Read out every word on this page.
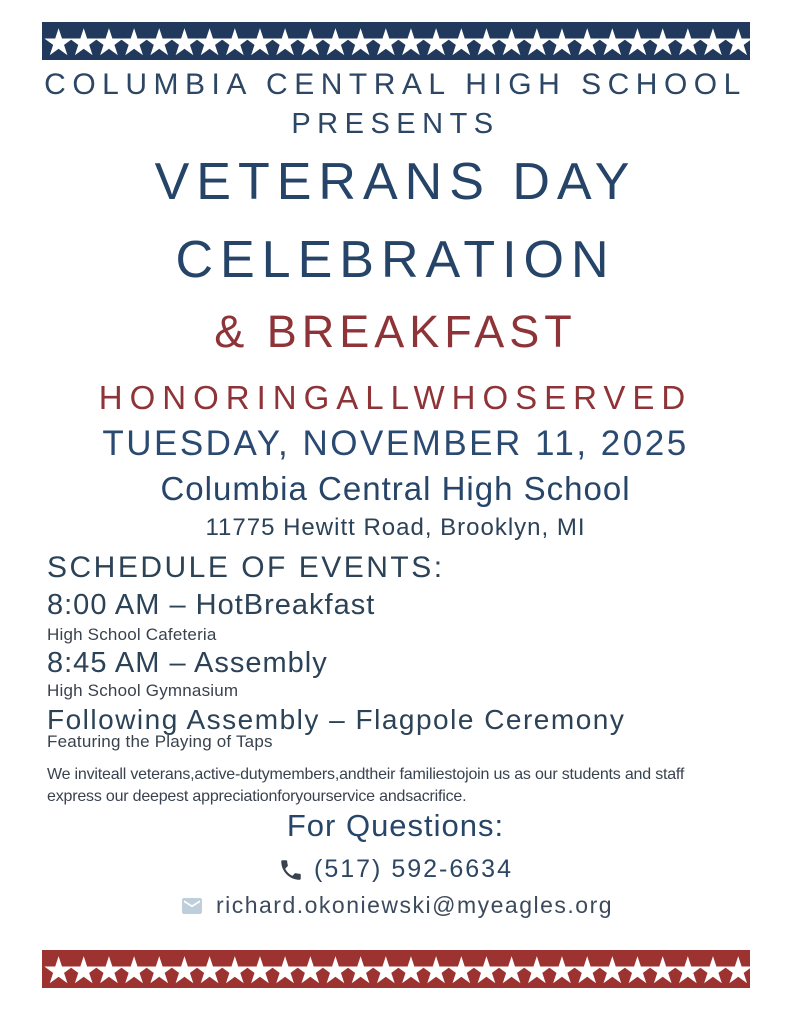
★★★★★★★★★★★★★★★★★★★★★★★★★★★★
COLUMBIA CENTRAL HIGH SCHOOL
PRESENTS
VETERANS DAY
CELEBRATION
& BREAKFAST
HONORINGALLWHOSERVED
TUESDAY, NOVEMBER 11, 2025
Columbia Central High School
11775 Hewitt Road, Brooklyn, MI
SCHEDULE OF EVENTS:
8:00 AM – HotBreakfast
High School Cafeteria
8:45 AM – Assembly
High School Gymnasium
Following Assembly – Flagpole Ceremony
Featuring the Playing of Taps
We inviteall veterans,active-dutymembers,andtheir familiestojoin us as our students and staff express our deepest appreciationforyourservice andsacrifice.
For Questions:
(517) 592-6634
richard.okoniewski@myeagles.org
★★★★★★★★★★★★★★★★★★★★★★★★★★★★
